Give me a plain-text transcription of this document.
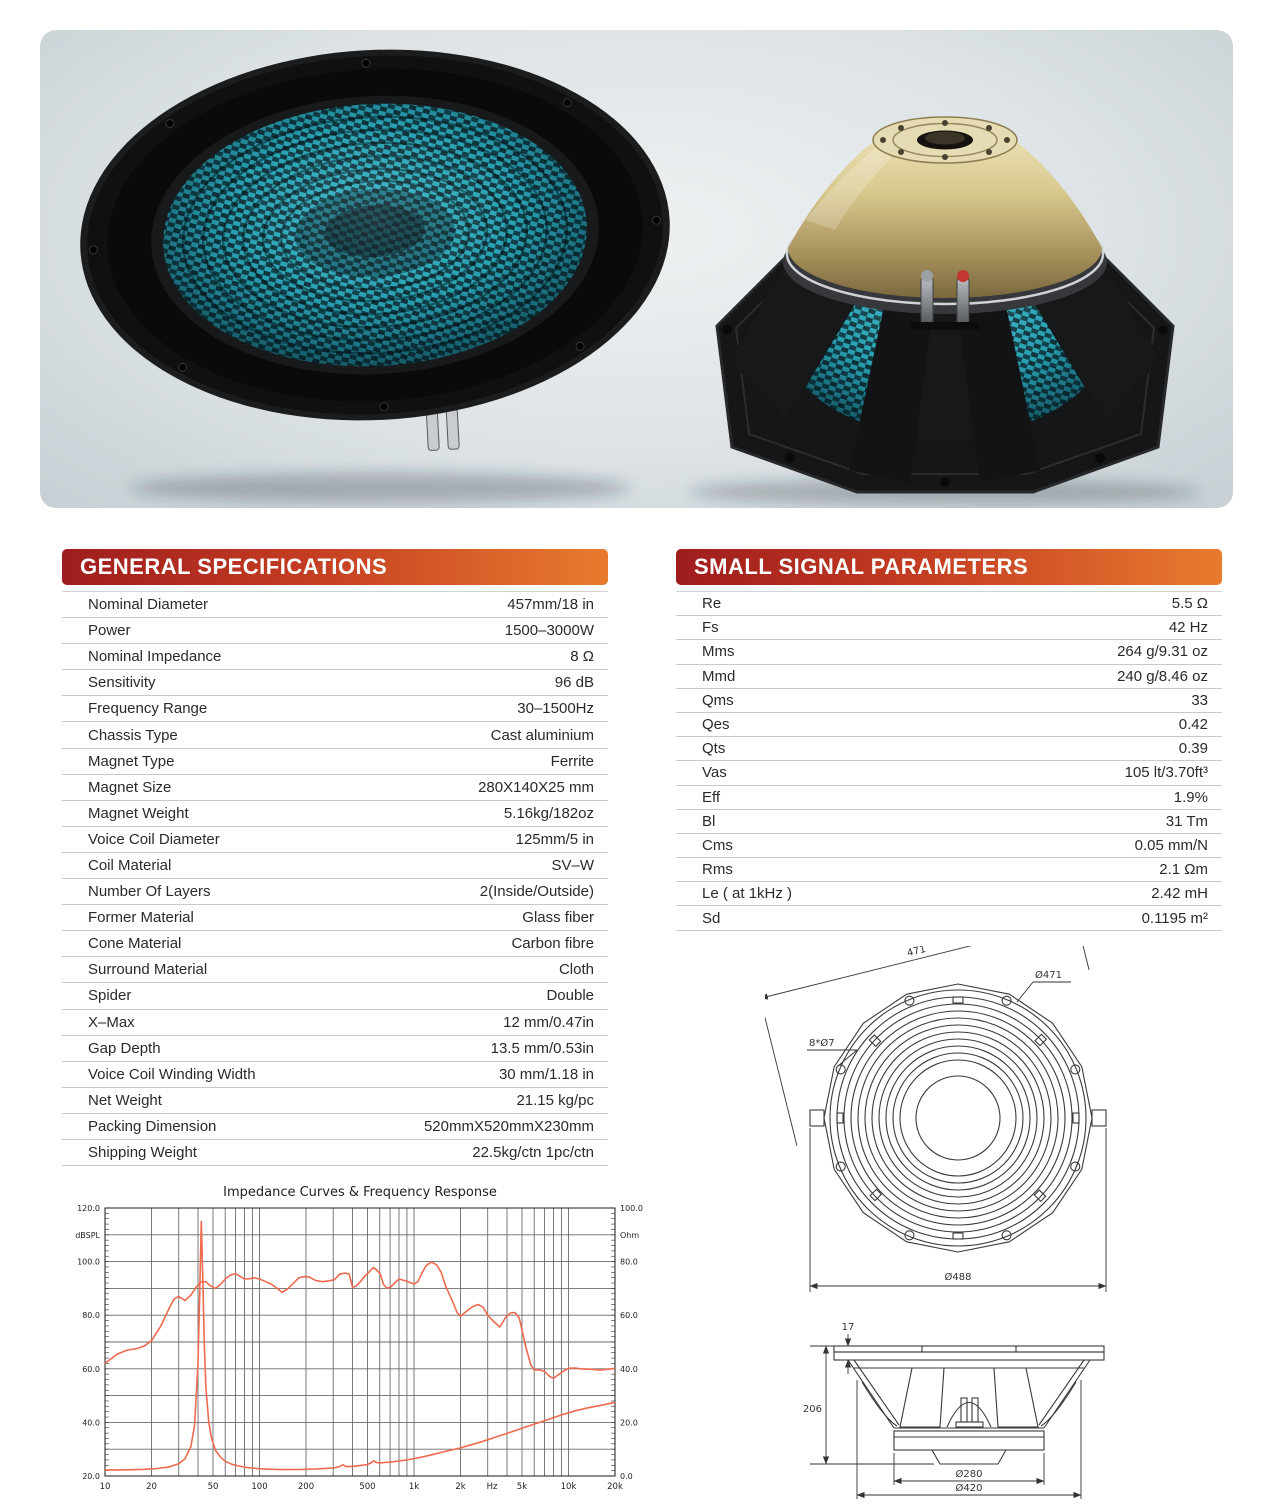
GENERAL SPECIFICATIONS
Nominal Diameter	457mm/18 in
Power	1500–3000W
Nominal Impedance	8 Ω
Sensitivity	96 dB
Frequency Range	30–1500Hz
Chassis Type	Cast aluminium
Magnet Type	Ferrite
Magnet Size	280X140X25 mm
Magnet Weight	5.16kg/182oz
Voice Coil Diameter	125mm/5 in
Coil Material	SV–W
Number Of Layers	2(Inside/Outside)
Former Material	Glass fiber
Cone Material	Carbon fibre
Surround Material	Cloth
Spider	Double
X–Max	12 mm/0.47in
Gap Depth	13.5 mm/0.53in
Voice Coil Winding Width	30 mm/1.18 in
Net Weight	21.15 kg/pc
Packing Dimension	520mmX520mmX230mm
Shipping Weight	22.5kg/ctn 1pc/ctn
SMALL SIGNAL PARAMETERS
Re	5.5 Ω
Fs	42 Hz
Mms	264 g/9.31 oz
Mmd	240 g/8.46 oz
Qms	33
Qes	0.42
Qts	0.39
Vas	105 lt/3.70ft³
Eff	1.9%
Bl	31 Tm
Cms	0.05 mm/N
Rms	2.1 Ωm
Le ( at 1kHz )	2.42 mH
Sd	0.1195 m²
20.0
40.0
60.0
80.0
100.0
120.0
dBSPL
0.0
20.0
40.0
60.0
80.0
100.0
Ohm
10	20	50	100	200	500	1k	2k	5k	10k	20k
Hz
Impedance Curves & Frequency Response
471
Ø471
8*Ø7
Ø488
17
206
Ø280
Ø420
